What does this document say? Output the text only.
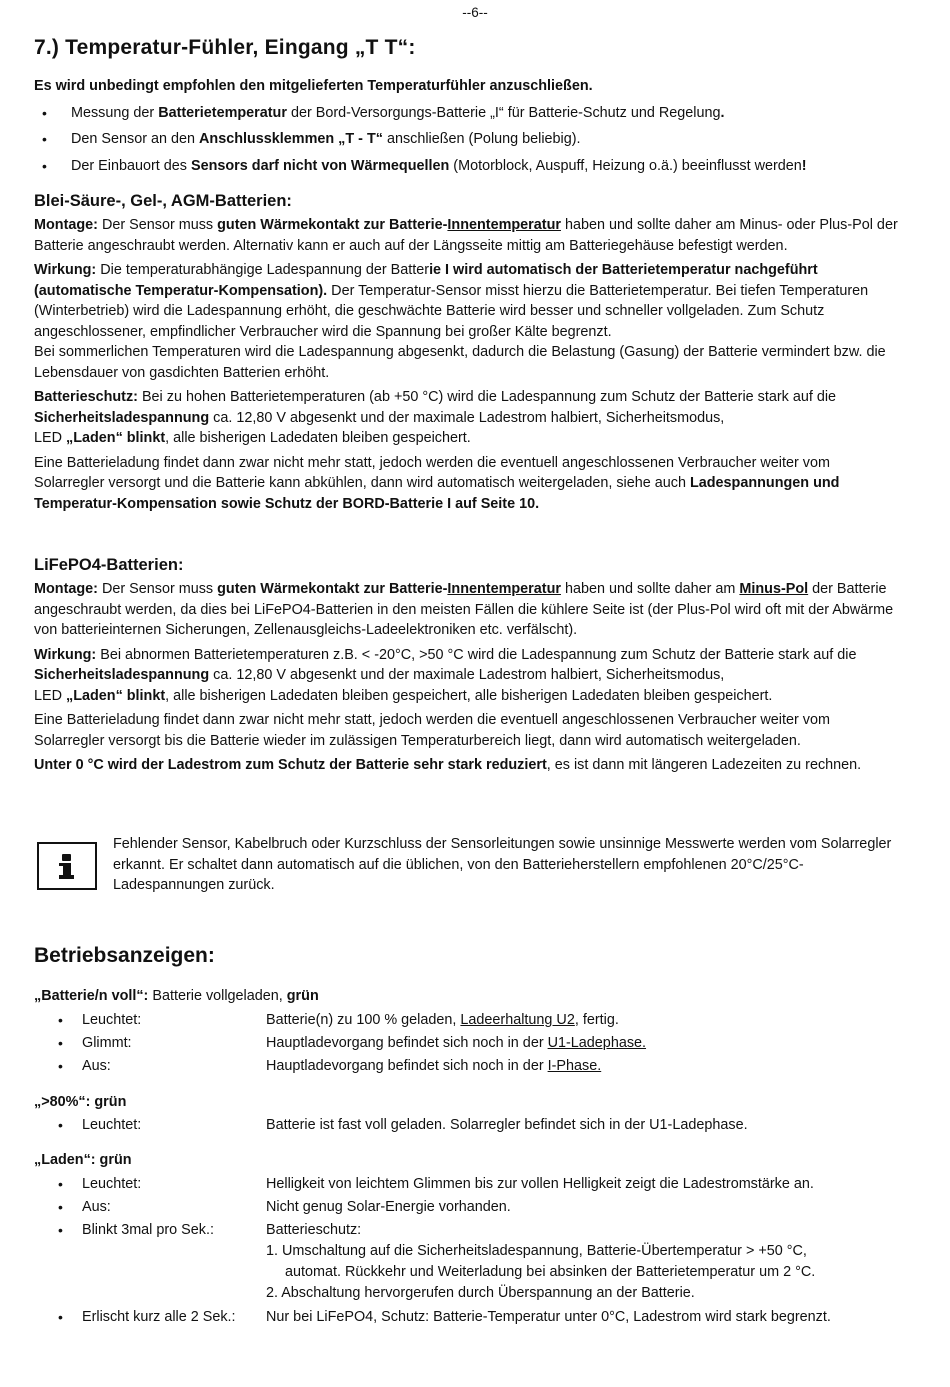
--6--
7.) Temperatur-Fühler, Eingang „T T“:

Es wird unbedingt empfohlen den mitgelieferten Temperaturfühler anzuschließen.

• Messung der Batterietemperatur der Bord-Versorgungs-Batterie „I“ für Batterie-Schutz und Regelung.
• Den Sensor an den Anschlussklemmen „T - T“ anschließen (Polung beliebig).
• Der Einbauort des Sensors darf nicht von Wärmequellen (Motorblock, Auspuff, Heizung o.ä.) beeinflusst werden!
Blei-Säure-, Gel-, AGM-Batterien:

Montage: Der Sensor muss guten Wärmekontakt zur Batterie-Innentemperatur haben und sollte daher am Minus- oder Plus-Pol der Batterie angeschraubt werden. Alternativ kann er auch auf der Längsseite mittig am Batteriegehäuse befestigt werden.

Wirkung: Die temperaturabhängige Ladespannung der Batterie I wird automatisch der Batterietemperatur nachgeführt (automatische Temperatur-Kompensation). Der Temperatur-Sensor misst hierzu die Batterietemperatur. Bei tiefen Temperaturen (Winterbetrieb) wird die Ladespannung erhöht, die geschwächte Batterie wird besser und schneller vollgeladen. Zum Schutz angeschlossener, empfindlicher Verbraucher wird die Spannung bei großer Kälte begrenzt.

Bei sommerlichen Temperaturen wird die Ladespannung abgesenkt, dadurch die Belastung (Gasung) der Batterie vermindert bzw. die Lebensdauer von gasdichten Batterien erhöht.

Batterieschutz: Bei zu hohen Batterietemperaturen (ab +50 °C) wird die Ladespannung zum Schutz der Batterie stark auf die Sicherheitsladespannung ca. 12,80 V abgesenkt und der maximale Ladestrom halbiert, Sicherheitsmodus,
LED „Laden“ blinkt, alle bisherigen Ladedaten bleiben gespeichert.

Eine Batterieladung findet dann zwar nicht mehr statt, jedoch werden die eventuell angeschlossenen Verbraucher weiter vom Solarregler versorgt und die Batterie kann abkühlen, dann wird automatisch weitergeladen, siehe auch Ladespannungen und Temperatur-Kompensation sowie Schutz der BORD-Batterie I auf Seite 10.

LiFePO4-Batterien:

Montage: Der Sensor muss guten Wärmekontakt zur Batterie-Innentemperatur haben und sollte daher am Minus-Pol der Batterie angeschraubt werden, da dies bei LiFePO4-Batterien in den meisten Fällen die kühlere Seite ist (der Plus-Pol wird oft mit der Abwärme von batterieinternen Sicherungen, Zellenausgleichs-Ladeelektroniken etc. verfälscht).

Wirkung: Bei abnormen Batterietemperaturen z.B. < -20°C, >50 °C wird die Ladespannung zum Schutz der Batterie stark auf die Sicherheitsladespannung ca. 12,80 V abgesenkt und der maximale Ladestrom halbiert, Sicherheitsmodus,
LED „Laden“ blinkt, alle bisherigen Ladedaten bleiben gespeichert, alle bisherigen Ladedaten bleiben gespeichert.

Eine Batterieladung findet dann zwar nicht mehr statt, jedoch werden die eventuell angeschlossenen Verbraucher weiter vom Solarregler versorgt bis die Batterie wieder im zulässigen Temperaturbereich liegt, dann wird automatisch weitergeladen.

Unter 0 °C wird der Ladestrom zum Schutz der Batterie sehr stark reduziert, es ist dann mit längeren Ladezeiten zu rechnen.

Fehlender Sensor, Kabelbruch oder Kurzschluss der Sensorleitungen sowie unsinnige Messwerte werden vom Solarregler erkannt. Er schaltet dann automatisch auf die üblichen, von den Batterieherstellern empfohlenen 20°C/25°C-Ladespannungen zurück.

Betriebsanzeigen:
„Batterie/n voll“: Batterie vollgeladen, grün
• Leuchtet:	Batterie(n) zu 100 % geladen, Ladeerhaltung U2, fertig.
• Glimmt:	Hauptladevorgang befindet sich noch in der U1-Ladephase.
• Aus:	Hauptladevorgang befindet sich noch in der I-Phase.
„>80%“: grün
• Leuchtet:	Batterie ist fast voll geladen. Solarregler befindet sich in der U1-Ladephase.
„Laden“: grün
• Leuchtet:	Helligkeit von leichtem Glimmen bis zur vollen Helligkeit zeigt die Ladestromstärke an.
• Aus:	Nicht genug Solar-Energie vorhanden.
• Blinkt 3mal pro Sek.:	Batterieschutz:
1. Umschaltung auf die Sicherheitsladespannung, Batterie-Übertemperatur > +50 °C,
automat. Rückkehr und Weiterladung bei absinken der Batterietemperatur um 2 °C.
2. Abschaltung hervorgerufen durch Überspannung an der Batterie.
• Erlischt kurz alle 2 Sek.: Nur bei LiFePO4, Schutz: Batterie-Temperatur unter 0°C, Ladestrom wird stark begrenzt.
